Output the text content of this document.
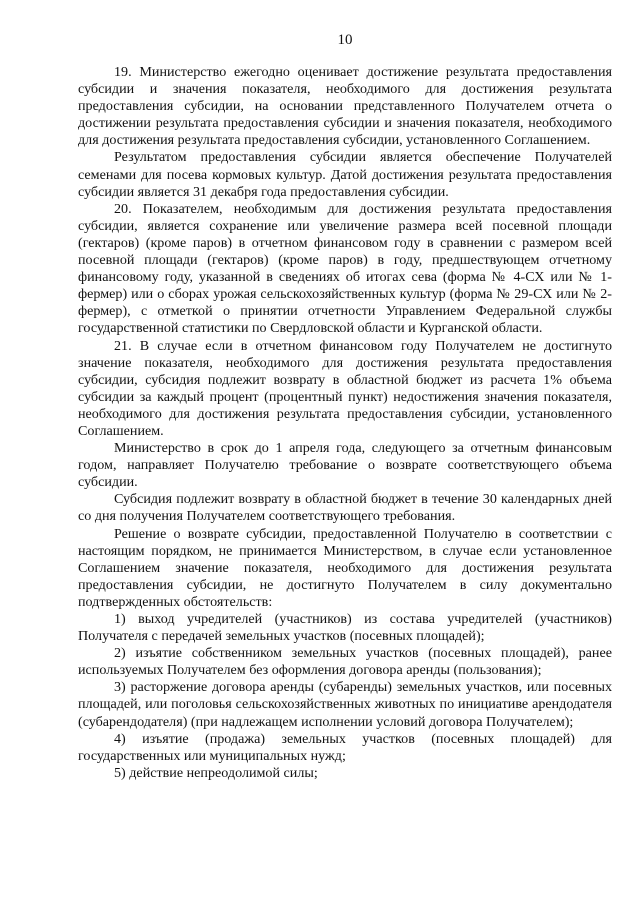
10

19. Министерство ежегодно оценивает достижение результата предоставления субсидии и значения показателя, необходимого для достижения результата предоставления субсидии, на основании представленного Получателем отчета о достижении результата предоставления субсидии и значения показателя, необходимого для достижения результата предоставления субсидии, установленного Соглашением.

Результатом предоставления субсидии является обеспечение Получателей семенами для посева кормовых культур. Датой достижения результата предоставления субсидии является 31 декабря года предоставления субсидии.

20. Показателем, необходимым для достижения результата предоставления субсидии, является сохранение или увеличение размера всей посевной площади (гектаров) (кроме паров) в отчетном финансовом году в сравнении с размером всей посевной площади (гектаров) (кроме паров) в году, предшествующем отчетному финансовому году, указанной в сведениях об итогах сева (форма № 4-СХ или № 1- фермер) или о сборах урожая сельскохозяйственных культур (форма № 29-СХ или № 2-фермер), с отметкой о принятии отчетности Управлением Федеральной службы государственной статистики по Свердловской области и Курганской области.

21. В случае если в отчетном финансовом году Получателем не достигнуто значение показателя, необходимого для достижения результата предоставления субсидии, субсидия подлежит возврату в областной бюджет из расчета 1% объема субсидии за каждый процент (процентный пункт) недостижения значения показателя, необходимого для достижения результата предоставления субсидии, установленного Соглашением.

Министерство в срок до 1 апреля года, следующего за отчетным финансовым годом, направляет Получателю требование о возврате соответствующего объема субсидии.

Субсидия подлежит возврату в областной бюджет в течение 30 календарных дней со дня получения Получателем соответствующего требования.

Решение о возврате субсидии, предоставленной Получателю в соответствии с настоящим порядком, не принимается Министерством, в случае если установленное Соглашением значение показателя, необходимого для достижения результата предоставления субсидии, не достигнуто Получателем в силу документально подтвержденных обстоятельств:

1) выход учредителей (участников) из состава учредителей (участников) Получателя с передачей земельных участков (посевных площадей);

2) изъятие собственником земельных участков (посевных площадей), ранее используемых Получателем без оформления договора аренды (пользования);

3) расторжение договора аренды (субаренды) земельных участков, или посевных площадей, или поголовья сельскохозяйственных животных по инициативе арендодателя (субарендодателя) (при надлежащем исполнении условий договора Получателем);

4) изъятие (продажа) земельных участков (посевных площадей) для государственных или муниципальных нужд;

5) действие непреодолимой силы;
